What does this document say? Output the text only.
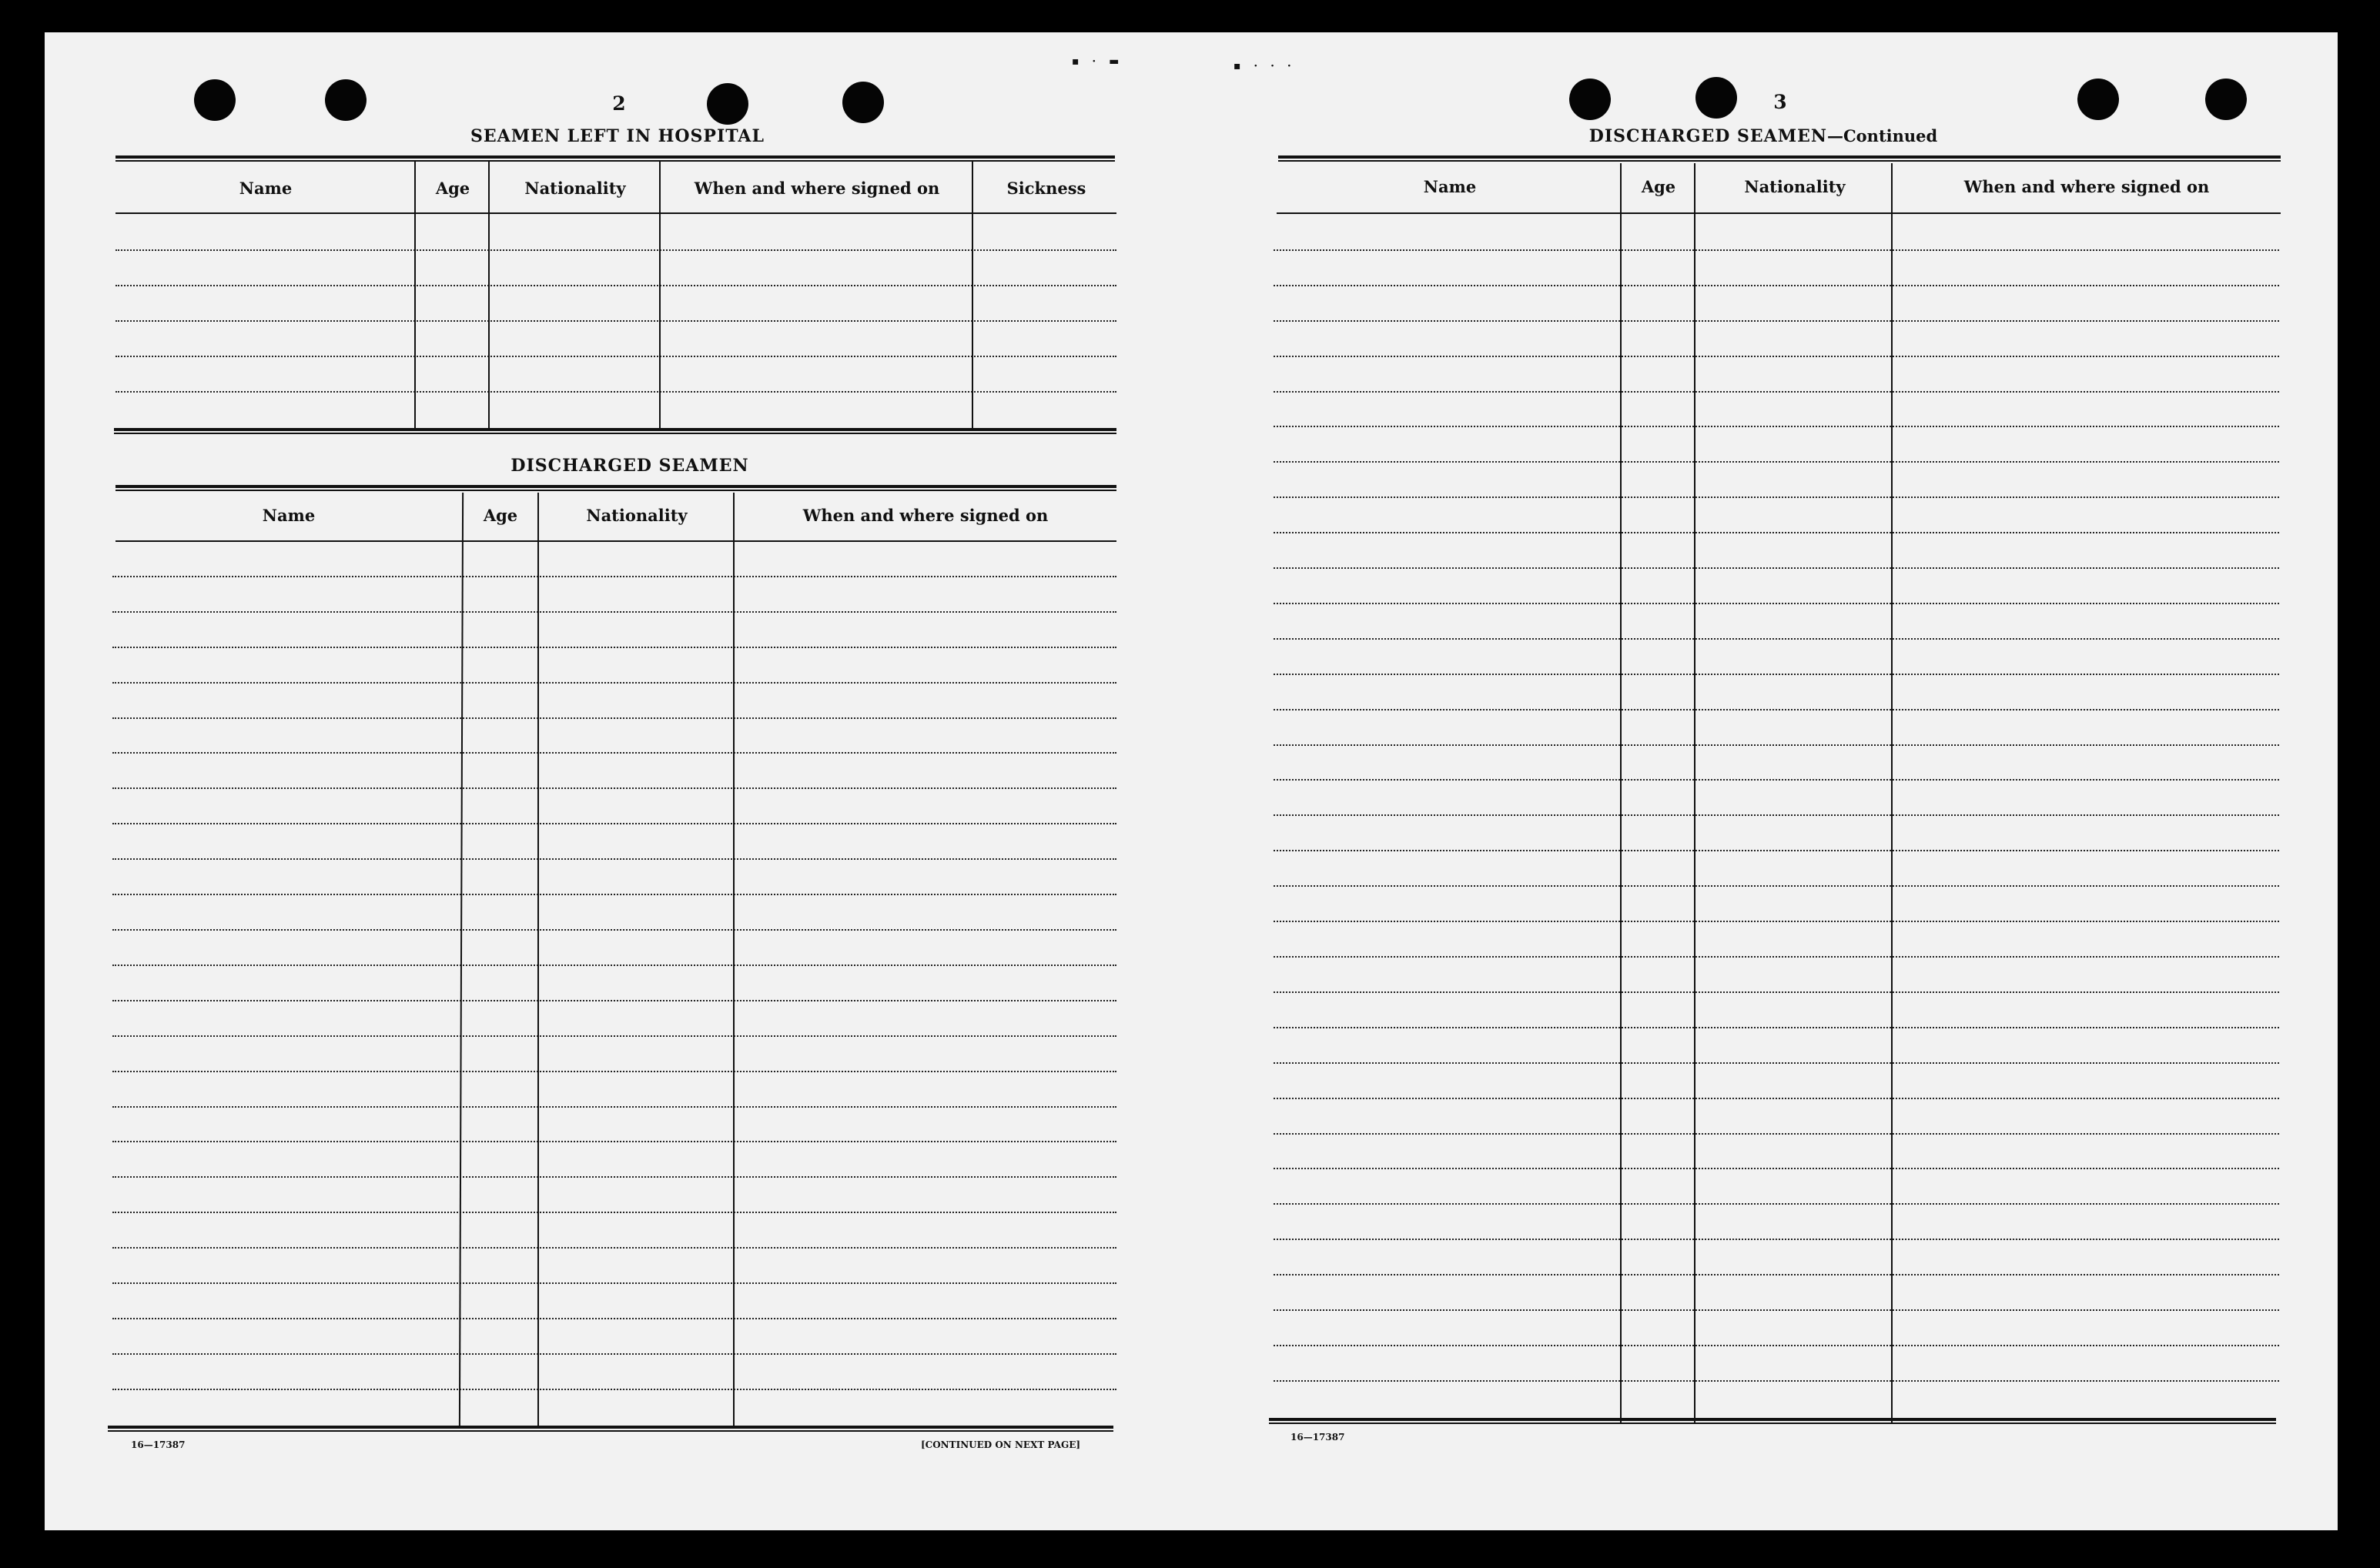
▪ · ▬	▪ · · ·
2
SEAMEN LEFT IN HOSPITAL
Name	Age	Nationality	When and where signed on	Sickness
DISCHARGED SEAMEN
Name	Age	Nationality	When and where signed on
16—17387	[CONTINUED ON NEXT PAGE]
3
DISCHARGED SEAMEN—Continued
Name	Age	Nationality	When and where signed on
16—17387
